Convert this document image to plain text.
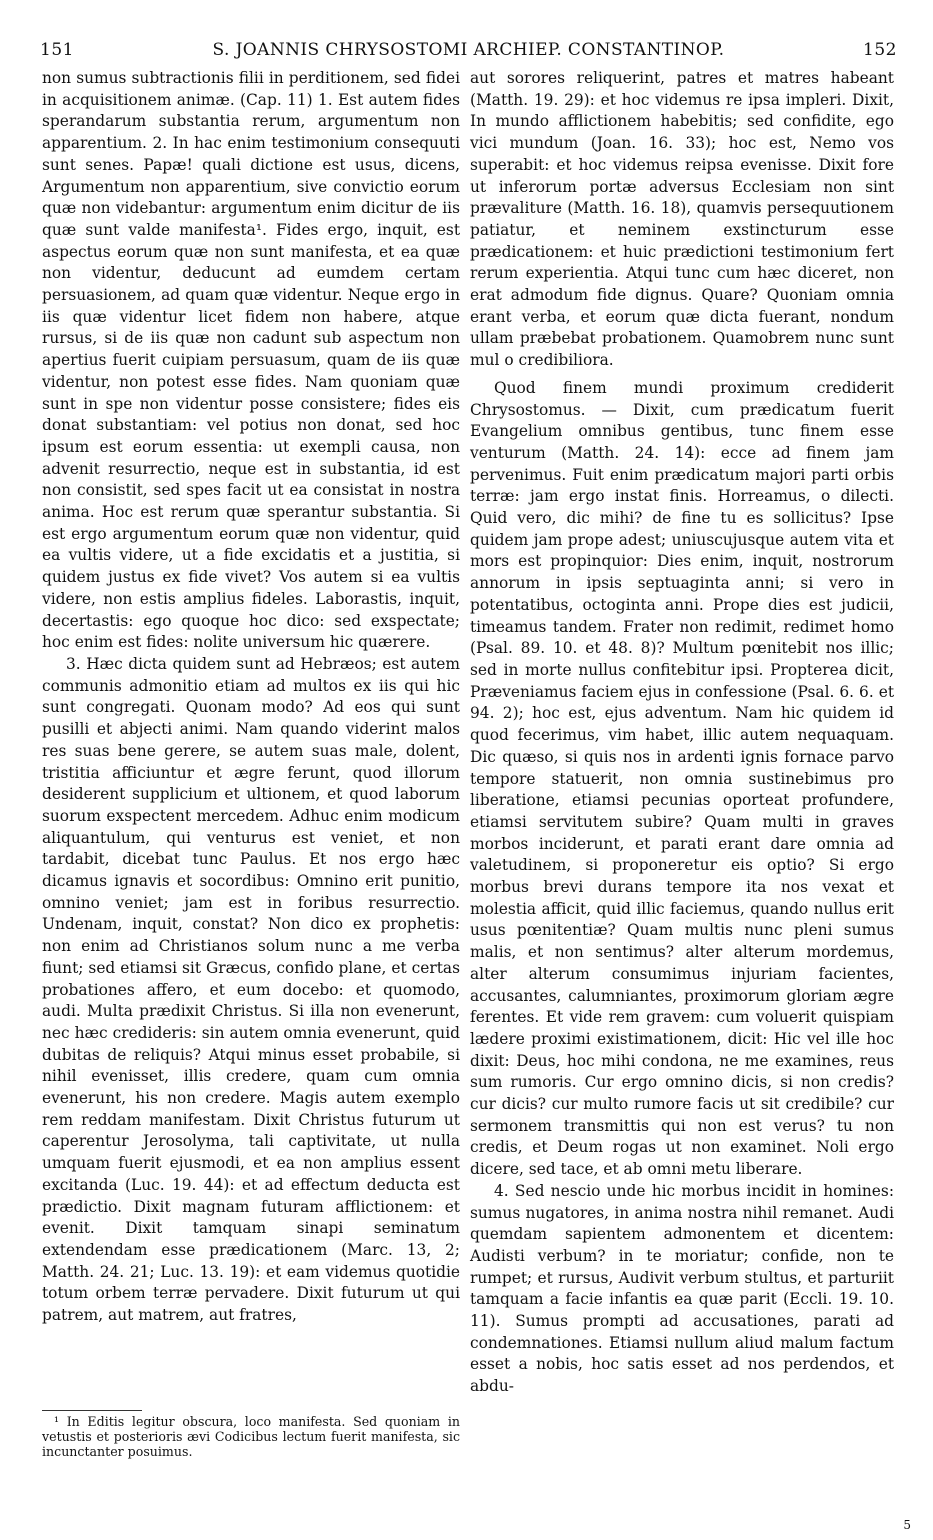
151	S. JOANNIS CHRYSOSTOMI ARCHIEP. CONSTANTINOP.	152

non sumus subtractionis filii in perditionem, sed fidei in acquisitionem animæ. (Cap. 11) 1. Est autem fides sperandarum substantia rerum, argumentum non apparentium. 2. In hac enim testimonium consequuti sunt senes. Papæ! quali dictione est usus, dicens, Argumentum non apparentium, sive convictio eorum quæ non videbantur: argumentum enim dicitur de iis quæ sunt valde manifesta¹. Fides ergo, inquit, est aspectus eorum quæ non sunt manifesta, et ea quæ non videntur, deducunt ad eumdem certam persuasionem, ad quam quæ videntur. Neque ergo in iis quæ videntur licet fidem non habere, atque rursus, si de iis quæ non cadunt sub aspectum non apertius fuerit cuipiam persuasum, quam de iis quæ videntur, non potest esse fides. Nam quoniam quæ sunt in spe non videntur posse consistere; fides eis donat substantiam: vel potius non donat, sed hoc ipsum est eorum essentia: ut exempli causa, non advenit resurrectio, neque est in substantia, id est non consistit, sed spes facit ut ea consistat in nostra anima. Hoc est rerum quæ sperantur substantia. Si est ergo argumentum eorum quæ non videntur, quid ea vultis videre, ut a fide excidatis et a justitia, si quidem justus ex fide vivet? Vos autem si ea vultis videre, non estis amplius fideles. Laborastis, inquit, decertastis: ego quoque hoc dico: sed exspectate; hoc enim est fides: nolite universum hic quærere.

3. Hæc dicta quidem sunt ad Hebræos; est autem communis admonitio etiam ad multos ex iis qui hic sunt congregati. Quonam modo? Ad eos qui sunt pusilli et abjecti animi. Nam quando viderint malos res suas bene gerere, se autem suas male, dolent, tristitia afficiuntur et ægre ferunt, quod illorum desiderent supplicium et ultionem, et quod laborum suorum exspectent mercedem. Adhuc enim modicum aliquantulum, qui venturus est veniet, et non tardabit, dicebat tunc Paulus. Et nos ergo hæc dicamus ignavis et socordibus: Omnino erit punitio, omnino veniet; jam est in foribus resurrectio. Undenam, inquit, constat? Non dico ex prophetis: non enim ad Christianos solum nunc a me verba fiunt; sed etiamsi sit Græcus, confido plane, et certas probationes affero, et eum docebo: et quomodo, audi. Multa prædixit Christus. Si illa non evenerunt, nec hæc credideris: sin autem omnia evenerunt, quid dubitas de reliquis? Atqui minus esset probabile, si nihil evenisset, illis credere, quam cum omnia evenerunt, his non credere. Magis autem exemplo rem reddam manifestam. Dixit Christus futurum ut caperentur Jerosolyma, tali captivitate, ut nulla umquam fuerit ejusmodi, et ea non amplius essent excitanda (Luc. 19. 44): et ad effectum deducta est prædictio. Dixit magnam futuram afflictionem: et evenit. Dixit tamquam sinapi seminatum extendendam esse prædicationem (Marc. 13, 2; Matth. 24. 21; Luc. 13. 19): et eam videmus quotidie totum orbem terræ pervadere. Dixit futurum ut qui patrem, aut matrem, aut fratres,

aut sorores reliquerint, patres et matres habeant (Matth. 19. 29): et hoc videmus re ipsa impleri. Dixit, In mundo afflictionem habebitis; sed confidite, ego vici mundum (Joan. 16. 33); hoc est, Nemo vos superabit: et hoc videmus reipsa evenisse. Dixit fore ut inferorum portæ adversus Ecclesiam non sint prævaliture (Matth. 16. 18), quamvis persequutionem patiatur, et neminem exstincturum esse prædicationem: et huic prædictioni testimonium fert rerum experientia. Atqui tunc cum hæc diceret, non erat admodum fide dignus. Quare? Quoniam omnia erant verba, et eorum quæ dicta fuerant, nondum ullam præbebat probationem. Quamobrem nunc sunt mul o credibiliora.

Quod finem mundi proximum crediderit Chrysostomus. — Dixit, cum prædicatum fuerit Evangelium omnibus gentibus, tunc finem esse venturum (Matth. 24. 14): ecce ad finem jam pervenimus. Fuit enim prædicatum majori parti orbis terræ: jam ergo instat finis. Horreamus, o dilecti. Quid vero, dic mihi? de fine tu es sollicitus? Ipse quidem jam prope adest; uniuscujusque autem vita et mors est propinquior: Dies enim, inquit, nostrorum annorum in ipsis septuaginta anni; si vero in potentatibus, octoginta anni. Prope dies est judicii, timeamus tandem. Frater non redimit, redimet homo (Psal. 89. 10. et 48. 8)? Multum pœnitebit nos illic; sed in morte nullus confitebitur ipsi. Propterea dicit, Præveniamus faciem ejus in confessione (Psal. 6. 6. et 94. 2); hoc est, ejus adventum. Nam hic quidem id quod fecerimus, vim habet, illic autem nequaquam. Dic quæso, si quis nos in ardenti ignis fornace parvo tempore statuerit, non omnia sustinebimus pro liberatione, etiamsi pecunias oporteat profundere, etiamsi servitutem subire? Quam multi in graves morbos inciderunt, et parati erant dare omnia ad valetudinem, si proponeretur eis optio? Si ergo morbus brevi durans tempore ita nos vexat et molestia afficit, quid illic faciemus, quando nullus erit usus pœnitentiæ? Quam multis nunc pleni sumus malis, et non sentimus? alter alterum mordemus, alter alterum consumimus injuriam facientes, accusantes, calumniantes, proximorum gloriam ægre ferentes. Et vide rem gravem: cum voluerit quispiam lædere proximi existimationem, dicit: Hic vel ille hoc dixit: Deus, hoc mihi condona, ne me examines, reus sum rumoris. Cur ergo omnino dicis, si non credis? cur dicis? cur multo rumore facis ut sit credibile? cur sermonem transmittis qui non est verus? tu non credis, et Deum rogas ut non examinet. Noli ergo dicere, sed tace, et ab omni metu liberare.

4. Sed nescio unde hic morbus incidit in homines: sumus nugatores, in anima nostra nihil remanet. Audi quemdam sapientem admonentem et dicentem: Audisti verbum? in te moriatur; confide, non te rumpet; et rursus, Audivit verbum stultus, et parturiit tamquam a facie infantis ea quæ parit (Eccli. 19. 10. 11). Sumus prompti ad accusationes, parati ad condemnationes. Etiamsi nullum aliud malum factum esset a nobis, hoc satis esset ad nos perdendos, et abdu-

¹ In Editis legitur obscura, loco manifesta. Sed quoniam in vetustis et posterioris ævi Codicibus lectum fuerit manifesta, sic incunctanter posuimus.

5
